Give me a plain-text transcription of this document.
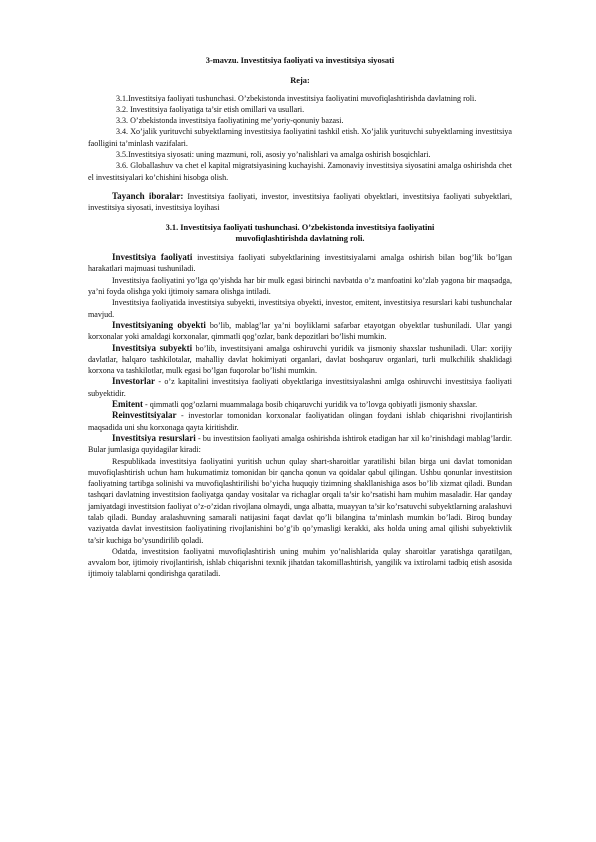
3-mavzu. Investitsiya faoliyati va investitsiya siyosati
Reja:

3.1.Investitsiya faoliyati tushunchasi. O’zbekistonda investitsiya faoliyatini muvofiqlashtirishda davlatning roli.

3.2. Investitsiya faoliyatiga ta’sir etish omillari va usullari.

3.3. O’zbekistonda investitsiya faoliyatining me’yoriy-qonuniy bazasi.

3.4. Xo’jalik yurituvchi subyektlarning investitsiya faoliyatini tashkil etish. Xo’jalik yurituvchi subyektlarning investitsiya faolligini ta’minlash vazifalari.

3.5.Investitsiya siyosati: uning mazmuni, roli, asosiy yo’nalishlari va amalga oshirish bosqichlari.

3.6. Globallashuv va chet el kapital migratsiyasining kuchayishi. Zamonaviy investitsiya siyosatini amalga oshirishda chet el investitsiyalari ko’chishini hisobga olish.

Tayanch iboralar: Investitsiya faoliyati, investor, investitsiya faoliyati obyektlari, investitsiya faoliyati subyektlari, investitsiya siyosati, investitsiya loyihasi

3.1. Investitsiya faoliyati tushunchasi. O’zbekistonda investitsiya faoliyatini
muvofiqlashtirishda davlatning roli.

Investitsiya faoliyati investitsiya faoliyati subyektlarining investitsiyalarni amalga oshirish bilan bog’lik bo’lgan harakatlari majmuasi tushuniladi.

Investitsiya faoliyatini yo’lga qo’yishda har bir mulk egasi birinchi navbatda o’z manfoatini ko’zlab yagona bir maqsadga, ya’ni foyda olishga yoki ijtimoiy samara olishga intiladi.

Investitsiya faoliyatida investitsiya subyekti, investitsiya obyekti, investor, emitent, investitsiya resurslari kabi tushunchalar mavjud.

Investitsiyaning obyekti bo’lib, mablag’lar ya’ni boyliklarni safarbar etayotgan obyektlar tushuniladi. Ular yangi korxonalar yoki amaldagi korxonalar, qimmatli qog’ozlar, bank depozitlari bo’lishi mumkin.

Investitsiya subyekti bo’lib, investitsiyani amalga oshiruvchi yuridik va jismoniy shaxslar tushuniladi. Ular: xorijiy davlatlar, halqaro tashkilotalar, mahalliy davlat hokimiyati organlari, davlat boshqaruv organlari, turli mulkchilik shaklidagi korxona va tashkilotlar, mulk egasi bo’lgan fuqorolar bo’lishi mumkin.

Investorlar - o’z kapitalini investitsiya faoliyati obyektlariga investitsiyalashni amlga oshiruvchi investitsiya faoliyati subyektidir.

Emitent - qimmatli qog’ozlarni muammalaga bosib chiqaruvchi yuridik va to’lovga qobiyatli jismoniy shaxslar.

Reinvestitsiyalar - investorlar tomonidan korxonalar faoliyatidan olingan foydani ishlab chiqarishni rivojlantirish maqsadida uni shu korxonaga qayta kiritishdir.

Investitsiya resurslari - bu investitsion faoliyati amalga oshirishda ishtirok etadigan har xil ko’rinishdagi mablag’lardir. Bular jumlasiga quyidagilar kiradi:

Respublikada investitsiya faoliyatini yuritish uchun qulay shart-sharoitlar yaratilishi bilan birga uni davlat tomonidan muvofiqlashtirish uchun ham hukumatimiz tomonidan bir qancha qonun va qoidalar qabul qilingan. Ushbu qonunlar investitsion faoliyatning tartibga solinishi va muvofiqlashtirilishi bo’yicha huquqiy tizimning shakllanishiga asos bo’lib xizmat qiladi. Bundan tashqari davlatning investitsion faoliyatga qanday vositalar va richaglar orqali ta’sir ko’rsatishi ham muhim masaladir. Har qanday jamiyatdagi investitsion faoliyat o’z-o’zidan rivojlana olmaydi, unga albatta, muayyan ta’sir ko’rsatuvchi subyektlarning aralashuvi talab qiladi. Bunday aralashuvning samarali natijasini faqat davlat qo’li bilangina ta’minlash mumkin bo’ladi. Biroq bunday vaziyatda davlat investitsion faoliyatining rivojlanishini bo’g’ib qo’ymasligi kerakki, aks holda uning amal qilishi subyektivlik ta’sir kuchiga bo’ysundirilib qoladi.

Odatda, investitsion faoliyatni muvofiqlashtirish uning muhim yo’nalishlarida qulay sharoitlar yaratishga qaratilgan, avvalom bor, ijtimoiy rivojlantirish, ishlab chiqarishni texnik jihatdan takomillashtirish, yangilik va ixtirolarni tadbiq etish asosida ijtimoiy talablarni qondirishga qaratiladi.
